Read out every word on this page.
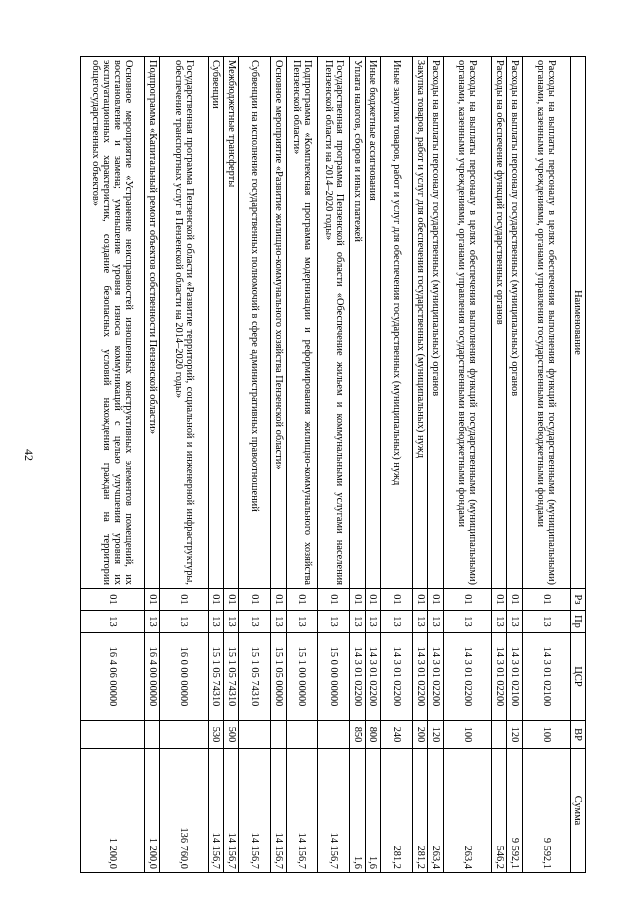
42
Наименование	Рз	Пр	ЦСР	ВР	Сумма
Расходы на выплаты персоналу в целях обеспечения выполнения функций государственными (муниципальными) органами, казенными учреждениями, органами управления государственными внебюджетными фондами	01	13	14 3 01 02100	100	9 592,1
Расходы на выплаты персоналу государственных (муниципальных) органов	01	13	14 3 01 02100	120	9 592,1
Расходы на обеспечение функций государственных органов	01	13	14 3 01 02200		546,2
Расходы на выплаты персоналу в целях обеспечения выполнения функций государственными (муниципальными) органами, казенными учреждениями, органами управления государственными внебюджетными фондами	01	13	14 3 01 02200	100	263,4
Расходы на выплаты персоналу государственных (муниципальных) органов	01	13	14 3 01 02200	120	263,4
Закупка товаров, работ и услуг для обеспечения государственных (муниципальных) нужд	01	13	14 3 01 02200	200	281,2
Иные закупки товаров, работ и услуг для обеспечения государственных (муниципальных) нужд	01	13	14 3 01 02200	240	281,2
Иные бюджетные ассигнования	01	13	14 3 01 02200	800	1,6
Уплата налогов, сборов и иных платежей	01	13	14 3 01 02200	850	1,6
Государственная программа Пензенской области «Обеспечение жильем и коммунальными услугами населения Пензенской области на 2014–2020 годы»	01	13	15 0 00 00000		14 156,7
Подпрограмма «Комплексная программа модернизации и реформирования жилищно-коммунального хозяйства Пензенской области»	01	13	15 1 00 00000		14 156,7
Основное мероприятие «Развитие жилищно-коммунального хозяйства Пензенской области»	01	13	15 1 05 00000		14 156,7
Субвенции на исполнение государственных полномочий в сфере административных правоотношений	01	13	15 1 05 74310		14 156,7
Межбюджетные трансферты	01	13	15 1 05 74310	500	14 156,7
Субвенции	01	13	15 1 05 74310	530	14 156,7
Государственная программа Пензенской области «Развитие территорий, социальной и инженерной инфраструктуры, обеспечение транспортных услуг в Пензенской области на 2014–2020 годы»	01	13	16 0 00 00000		136 760,0
Подпрограмма «Капитальный ремонт объектов собственности Пензенской области»	01	13	16 4 00 00000		1 200,0
Основное мероприятие «Устранение неисправностей изношенных конструктивных элементов помещений, их восстановление и замена; уменьшение уровня износа коммуникаций с целью улучшения уровня их эксплуатационных характеристик, создание безопасных условий нахождения граждан на территории общегосударственных объектов»	01	13	16 4 06 00000		1 200,0
